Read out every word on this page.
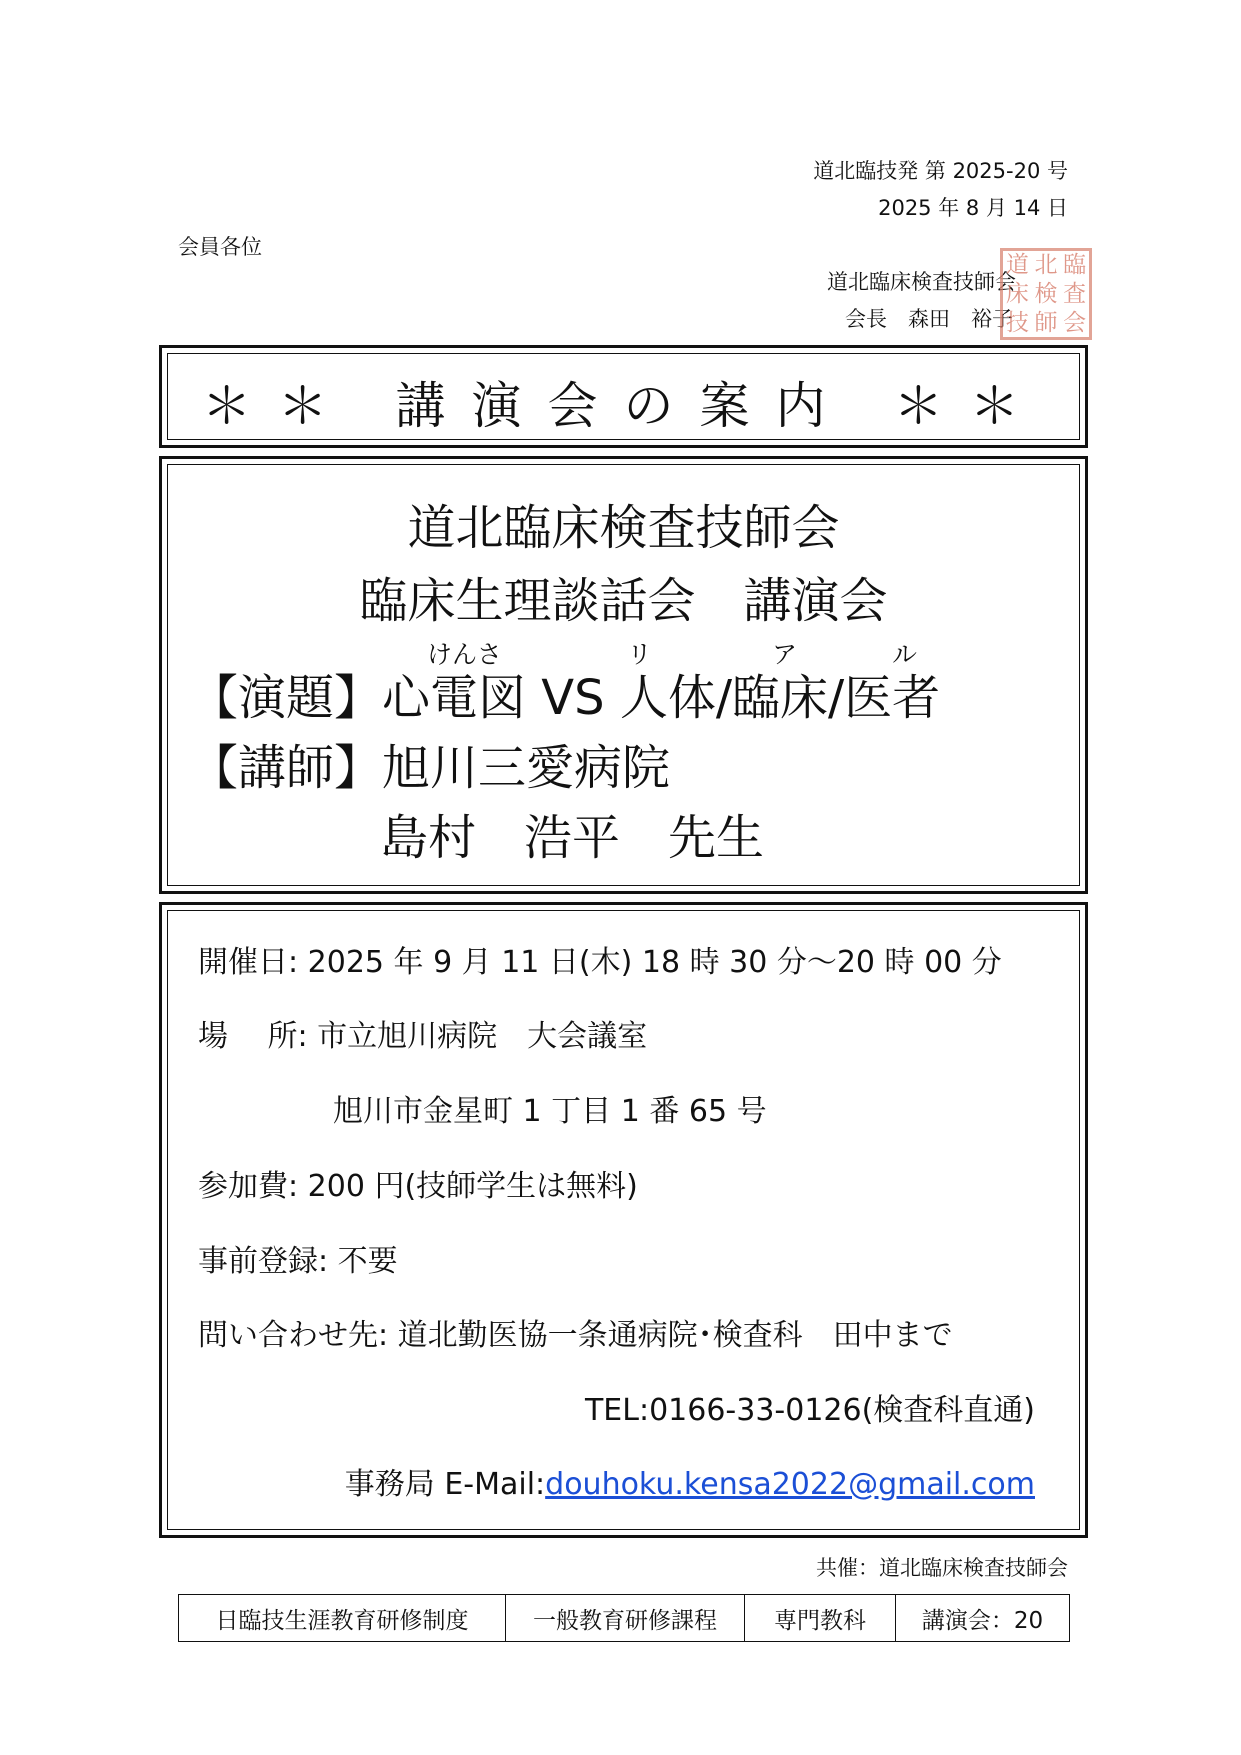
道北臨技発 第 2025-20 号
2025 年 8 月 14 日
会員各位
道北臨床検査技師会
会長　森田　裕子
道 北 臨
床 検 査
技 師 会
＊＊ 講演会の案内 ＊＊
道北臨床検査技師会
臨床生理談話会　講演会
けんさ	リ	ア	ル
【演題】心電図 VS 人体/臨床/医者
【講師】旭川三愛病院
島村　浩平　先生
開催日: 2025 年 9 月 11 日(木) 18 時 30 分～20 時 00 分
場　 所: 市立旭川病院　大会議室
旭川市金星町 1 丁目 1 番 65 号
参加費: 200 円(技師学生は無料)
事前登録: 不要
問い合わせ先: 道北勤医協一条通病院･検査科　田中まで
TEL:0166-33-0126(検査科直通)
事務局 E-Mail:douhoku.kensa2022@gmail.com
共催：道北臨床検査技師会
日臨技生涯教育研修制度	一般教育研修課程	専門教科	講演会：20
